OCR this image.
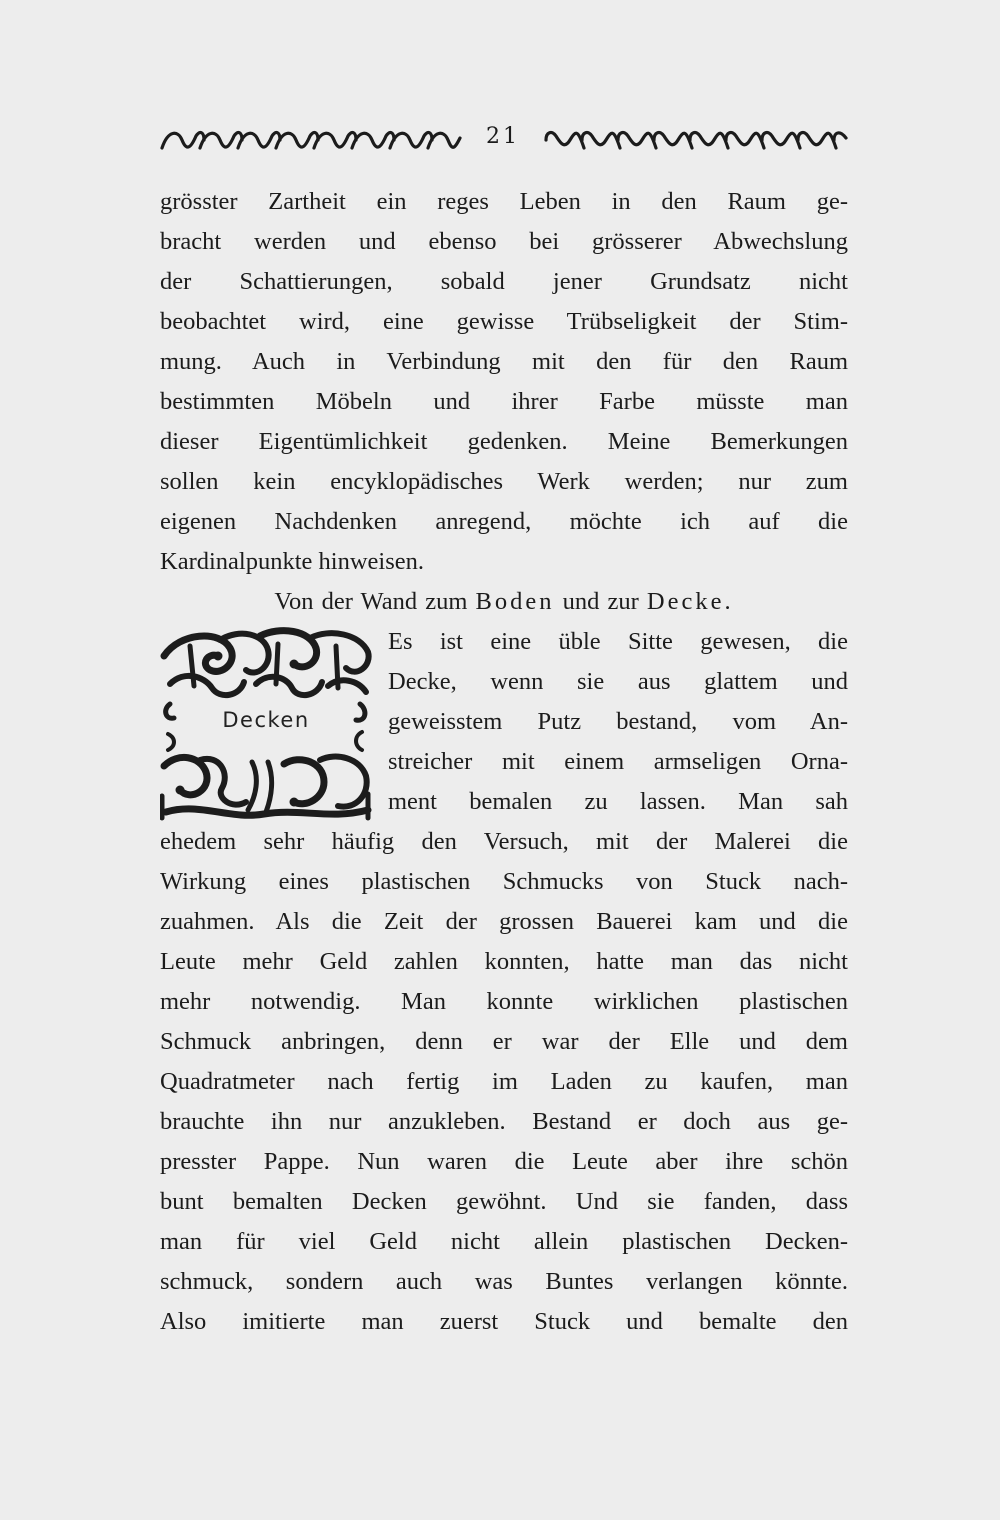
21
grösster Zartheit ein reges Leben in den Raum ge-
bracht werden und ebenso bei grösserer Abwechslung
der Schattierungen, sobald jener Grundsatz nicht
beobachtet wird, eine gewisse Trübseligkeit der Stim-
mung. Auch in Verbindung mit den für den Raum
bestimmten Möbeln und ihrer Farbe müsste man
dieser Eigentümlichkeit gedenken. Meine Bemerkungen
sollen kein encyklopädisches Werk werden; nur zum
eigenen Nachdenken anregend, möchte ich auf die
Kardinalpunkte hinweisen.
Von der Wand zum Boden und zur Decke.
Decken
Es ist eine üble Sitte gewesen, die
Decke, wenn sie aus glattem und
geweisstem Putz bestand, vom An-
streicher mit einem armseligen Orna-
ment bemalen zu lassen. Man sah
ehedem sehr häufig den Versuch, mit der Malerei die
Wirkung eines plastischen Schmucks von Stuck nach-
zuahmen. Als die Zeit der grossen Bauerei kam und die
Leute mehr Geld zahlen konnten, hatte man das nicht
mehr notwendig. Man konnte wirklichen plastischen
Schmuck anbringen, denn er war der Elle und dem
Quadratmeter nach fertig im Laden zu kaufen, man
brauchte ihn nur anzukleben. Bestand er doch aus ge-
presster Pappe. Nun waren die Leute aber ihre schön
bunt bemalten Decken gewöhnt. Und sie fanden, dass
man für viel Geld nicht allein plastischen Decken-
schmuck, sondern auch was Buntes verlangen könnte.
Also imitierte man zuerst Stuck und bemalte den
